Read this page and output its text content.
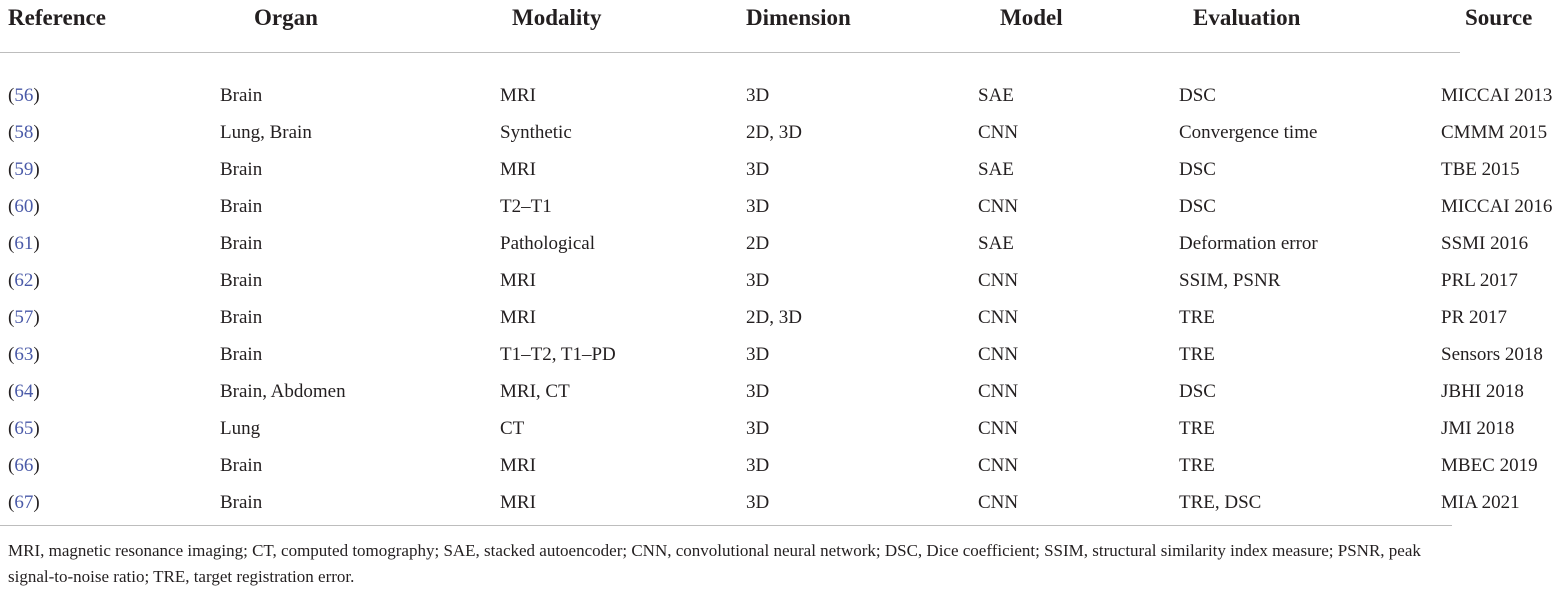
Reference	Organ	Modality	Dimension	Model	Evaluation	Source
(56)	Brain	MRI	3D	SAE	DSC	MICCAI 2013
(58)	Lung, Brain	Synthetic	2D, 3D	CNN	Convergence time	CMMM 2015
(59)	Brain	MRI	3D	SAE	DSC	TBE 2015
(60)	Brain	T2–T1	3D	CNN	DSC	MICCAI 2016
(61)	Brain	Pathological	2D	SAE	Deformation error	SSMI 2016
(62)	Brain	MRI	3D	CNN	SSIM, PSNR	PRL 2017
(57)	Brain	MRI	2D, 3D	CNN	TRE	PR 2017
(63)	Brain	T1–T2, T1–PD	3D	CNN	TRE	Sensors 2018
(64)	Brain, Abdomen	MRI, CT	3D	CNN	DSC	JBHI 2018
(65)	Lung	CT	3D	CNN	TRE	JMI 2018
(66)	Brain	MRI	3D	CNN	TRE	MBEC 2019
(67)	Brain	MRI	3D	CNN	TRE, DSC	MIA 2021
MRI, magnetic resonance imaging; CT, computed tomography; SAE, stacked autoencoder; CNN, convolutional neural network; DSC, Dice coefficient; SSIM, structural similarity index measure; PSNR, peak signal-to-noise ratio; TRE, target registration error.
